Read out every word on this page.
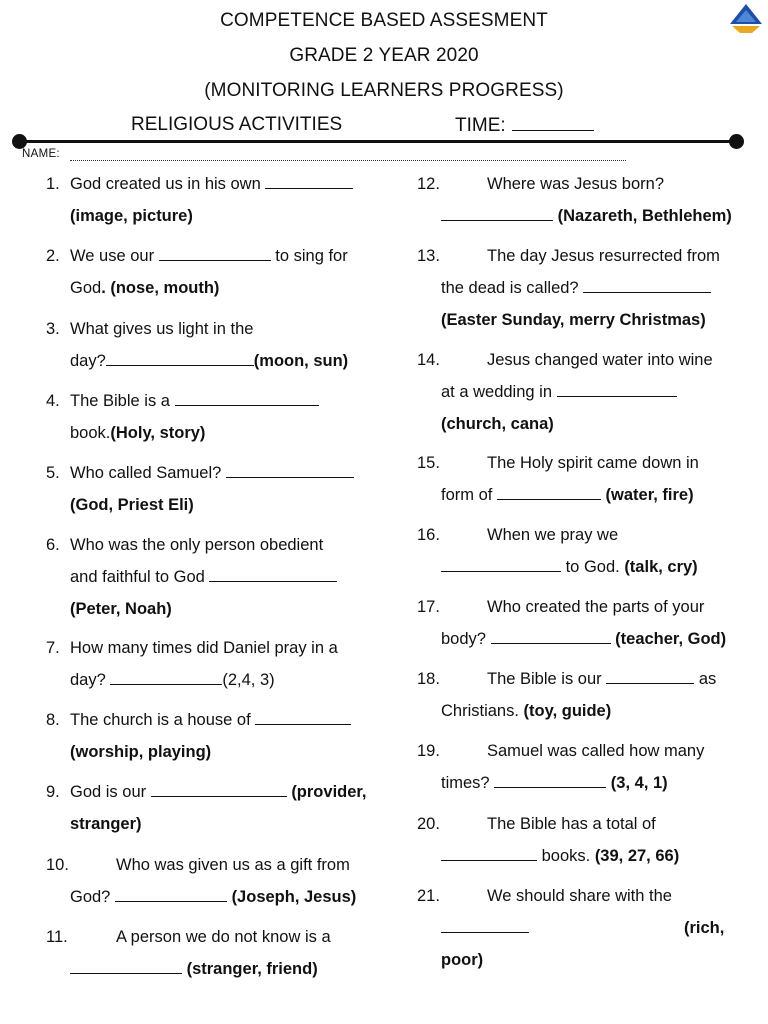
COMPETENCE BASED ASSESMENT
GRADE 2 YEAR 2020
(MONITORING LEARNERS PROGRESS)
RELIGIOUS ACTIVITIES	TIME:
NAME:
1. God created us in his own
(image, picture)
2. We use our	to sing for
God. (nose, mouth)
3. What gives us light in the
day?	(moon, sun)
4. The Bible is a
book.(Holy, story)
5. Who called Samuel?
(God, Priest Eli)
6. Who was the only person obedient
and faithful to God
(Peter, Noah)
7. How many times did Daniel pray in a
day?	(2,4, 3)
8. The church is a house of
(worship, playing)
9. God is our	(provider,
stranger)
10.	Who was given us as a gift from
God?	(Joseph, Jesus)
11.	A person we do not know is a
(stranger, friend)
12.	Where was Jesus born?
(Nazareth, Bethlehem)
13.	The day Jesus resurrected from
the dead is called?
(Easter Sunday, merry Christmas)
14.	Jesus changed water into wine
at a wedding in
(church, cana)
15.	The Holy spirit came down in
form of	(water, fire)
16.	When we pray we
to God. (talk, cry)
17.	Who created the parts of your
body?	(teacher, God)
18.	The Bible is our	as
Christians. (toy, guide)
19.	Samuel was called how many
times?	(3, 4, 1)
20.	The Bible has a total of
books. (39, 27, 66)
21.	We should share with the
(rich,
poor)
